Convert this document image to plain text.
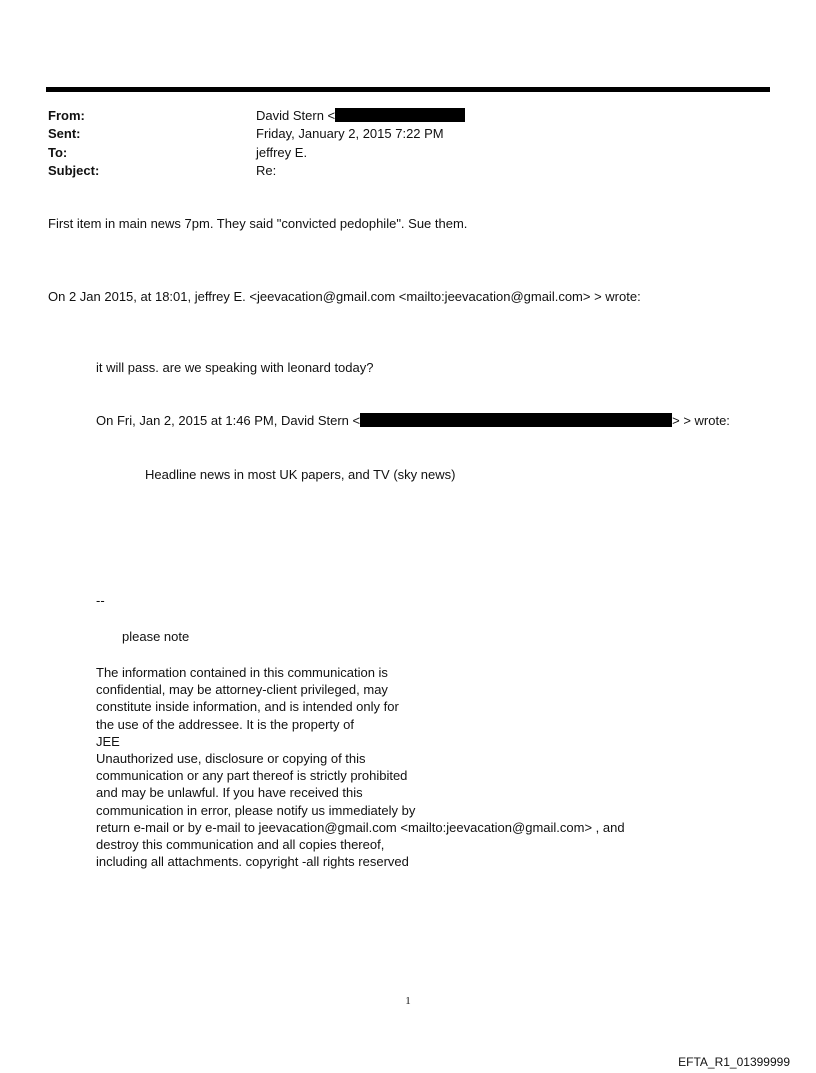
From:	David Stern <
Sent:	Friday, January 2, 2015 7:22 PM
To:	jeffrey E.
Subject:	Re:
First item in main news 7pm. They said "convicted pedophile". Sue them.
On 2 Jan 2015, at 18:01, jeffrey E. <jeevacation@gmail.com <mailto:jeevacation@gmail.com> > wrote:
it will pass. are we speaking with leonard today?
On Fri, Jan 2, 2015 at 1:46 PM, David Stern <	> > wrote:
Headline news in most UK papers, and TV (sky news)
--
please note
The information contained in this communication is
confidential, may be attorney-client privileged, may
constitute inside information, and is intended only for
the use of the addressee. It is the property of
JEE
Unauthorized use, disclosure or copying of this
communication or any part thereof is strictly prohibited
and may be unlawful. If you have received this
communication in error, please notify us immediately by
return e-mail or by e-mail to jeevacation@gmail.com <mailto:jeevacation@gmail.com> , and
destroy this communication and all copies thereof,
including all attachments. copyright -all rights reserved
1
EFTA_R1_01399999
